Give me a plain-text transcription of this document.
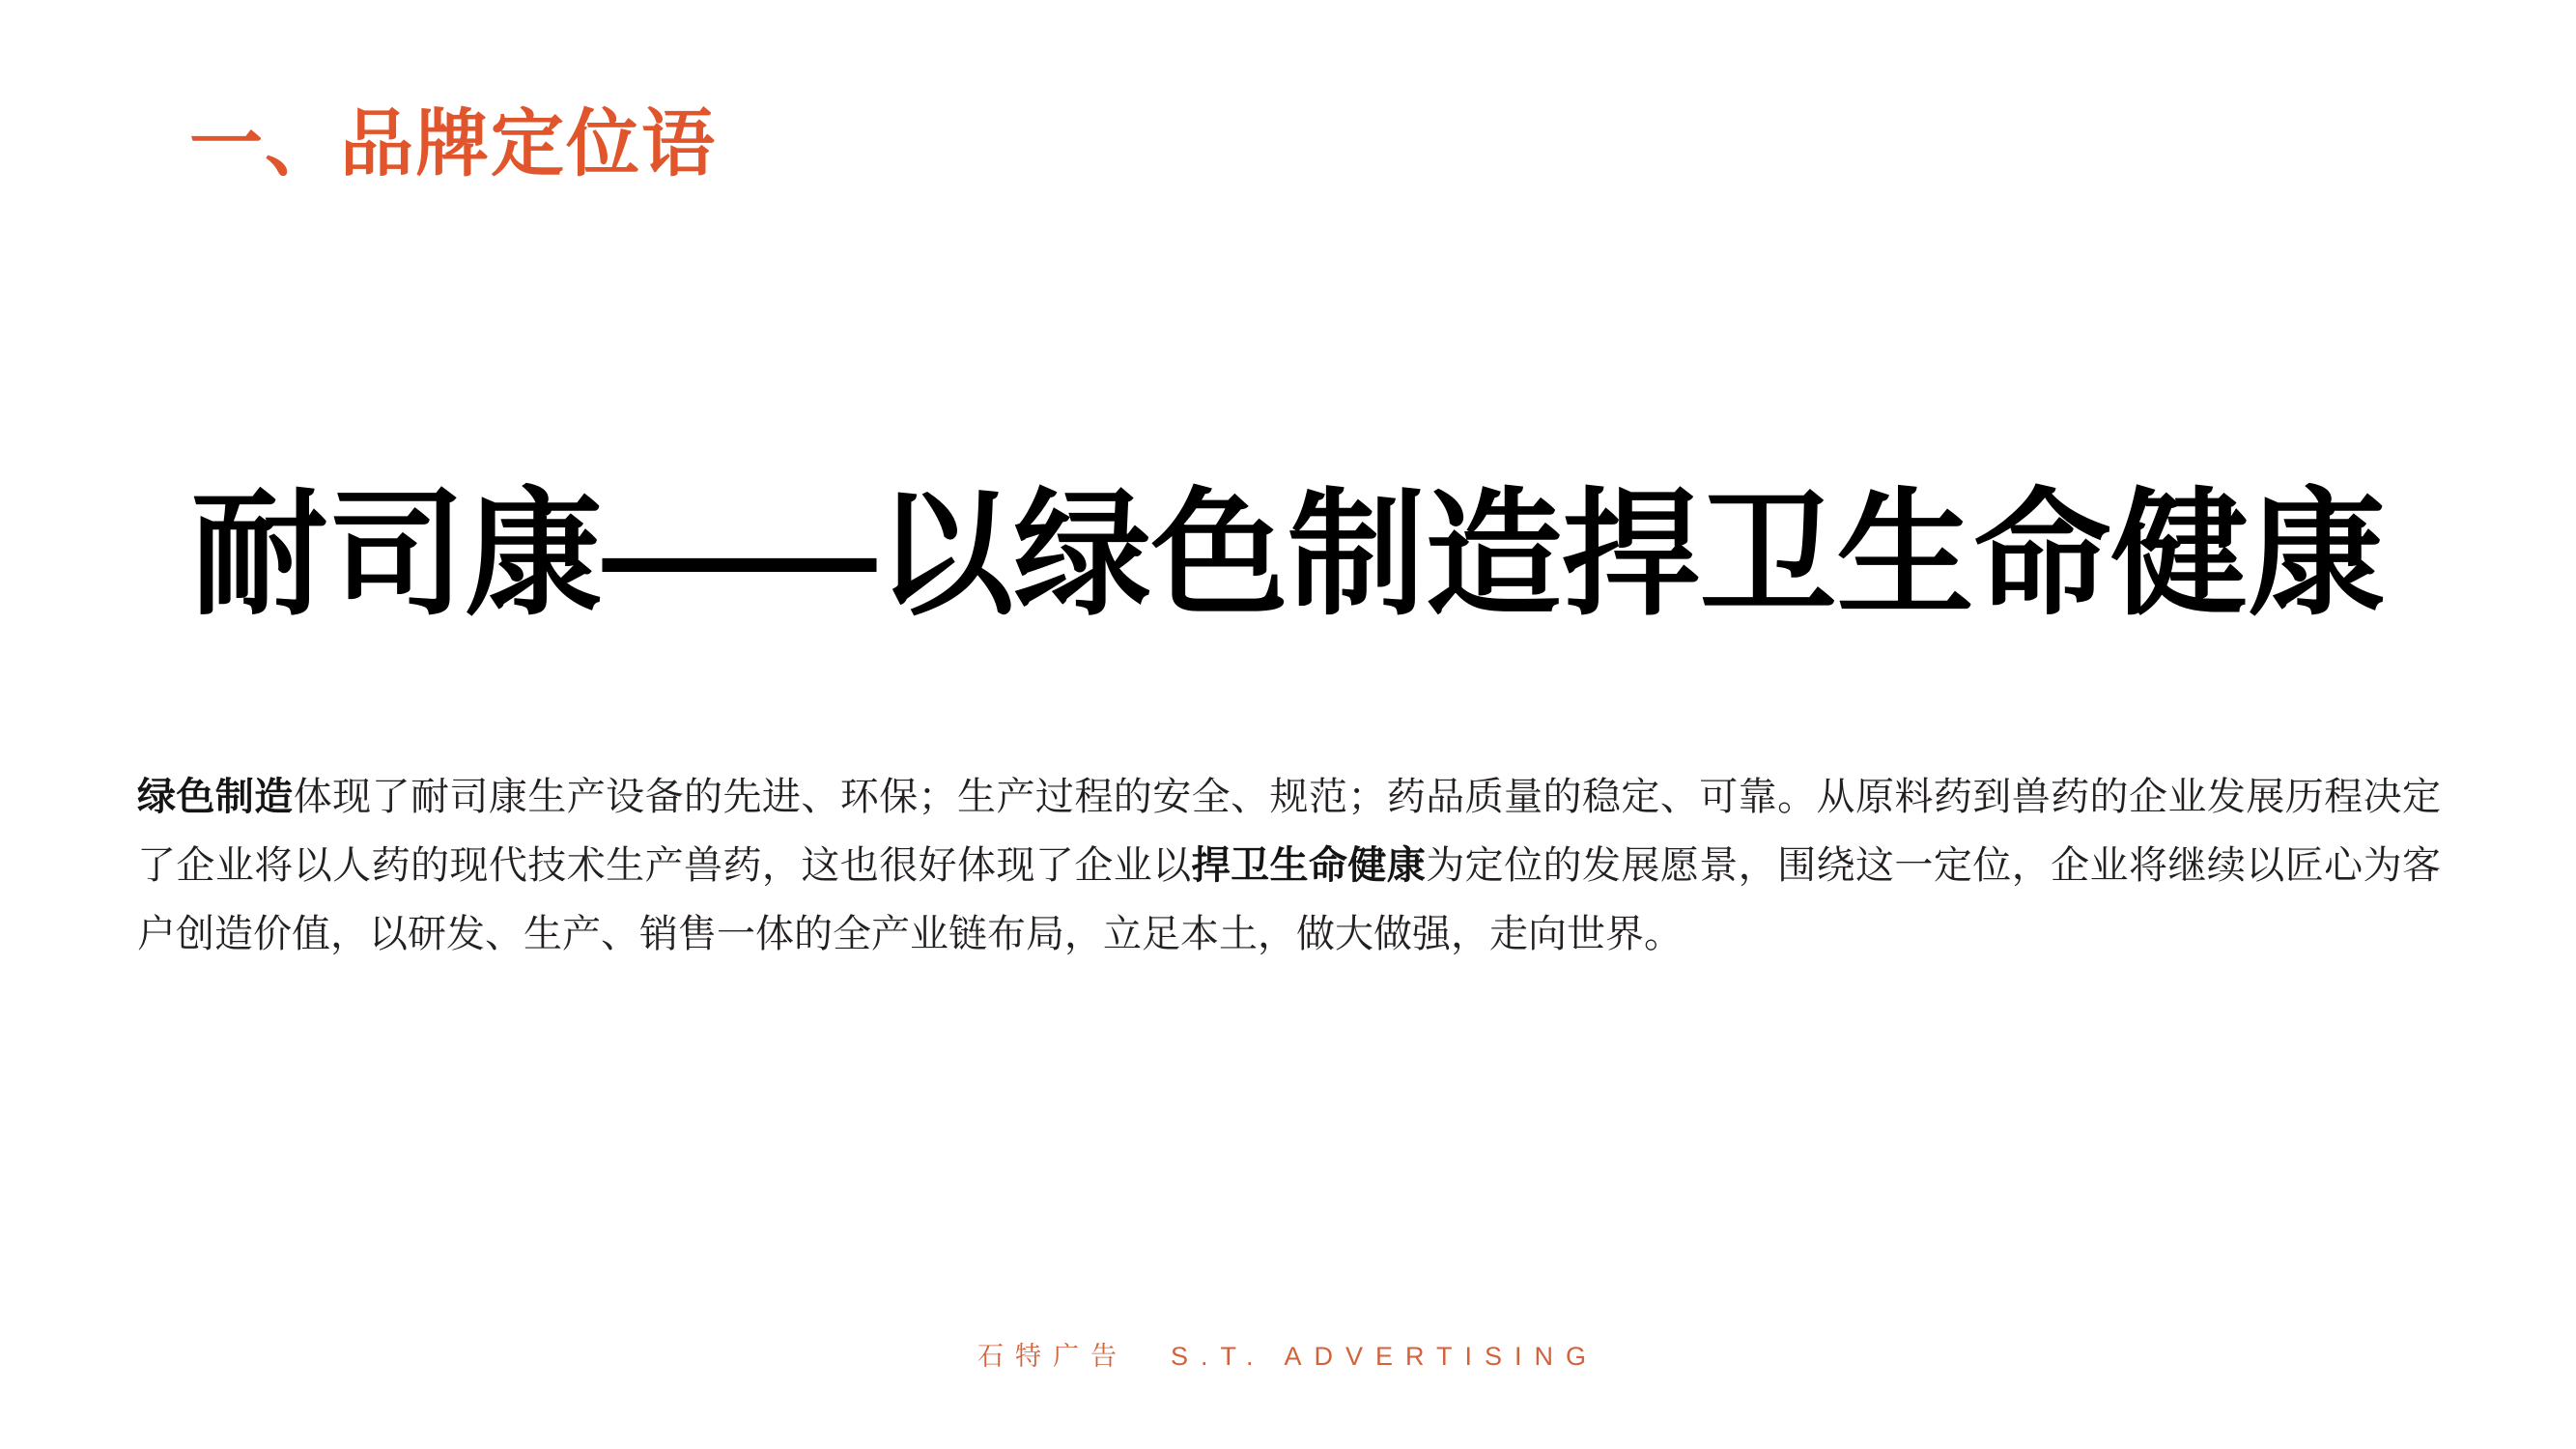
一、品牌定位语
耐司康——以绿色制造捍卫生命健康
绿色制造体现了耐司康生产设备的先进、环保；生产过程的安全、规范；药品质量的稳定、可靠。从原料药到兽药的企业发展历程决定了企业将以人药的现代技术生产兽药，这也很好体现了企业以捍卫生命健康为定位的发展愿景，围绕这一定位，企业将继续以匠心为客户创造价值，以研发、生产、销售一体的全产业链布局，立足本土，做大做强，走向世界。
石特广告 S.T. ADVERTISING
